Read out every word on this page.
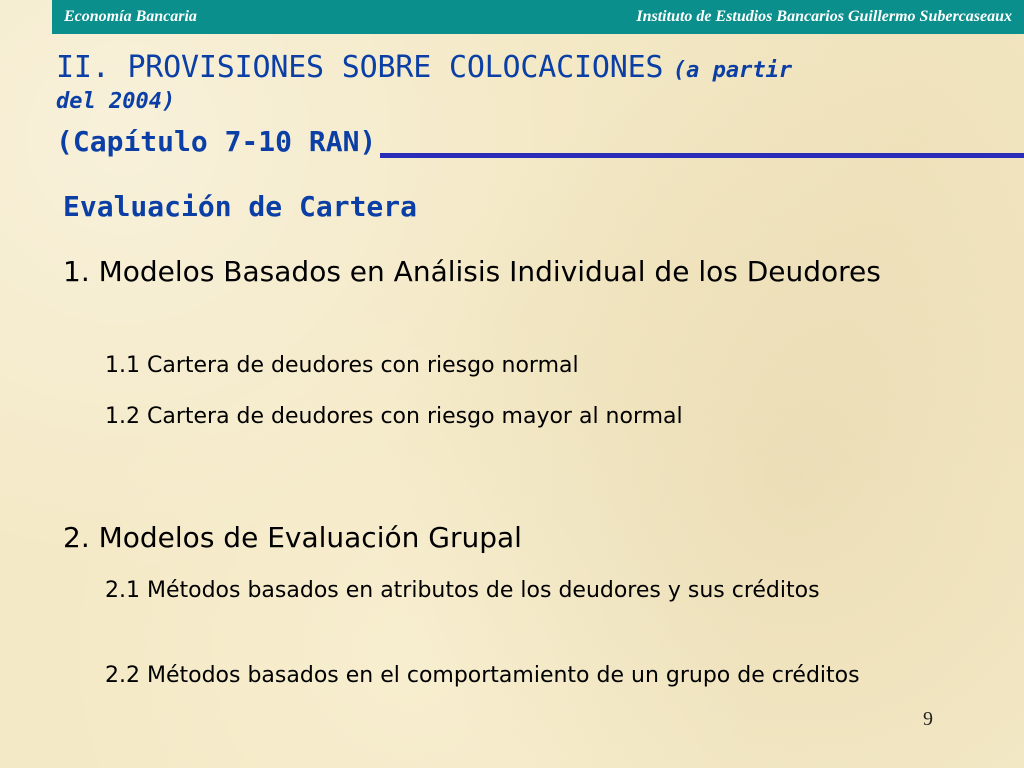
Economía Bancaria	Instituto de Estudios Bancarios Guillermo Subercaseaux
II. PROVISIONES SOBRE COLOCACIONES (a partir
del 2004)
(Capítulo 7-10 RAN)
Evaluación de Cartera
1. Modelos Basados en Análisis Individual de los Deudores
1.1 Cartera de deudores con riesgo normal
1.2 Cartera de deudores con riesgo mayor al normal
2. Modelos de Evaluación Grupal
2.1 Métodos basados en atributos de los deudores y sus créditos
2.2 Métodos basados en el comportamiento de un grupo de créditos
9
